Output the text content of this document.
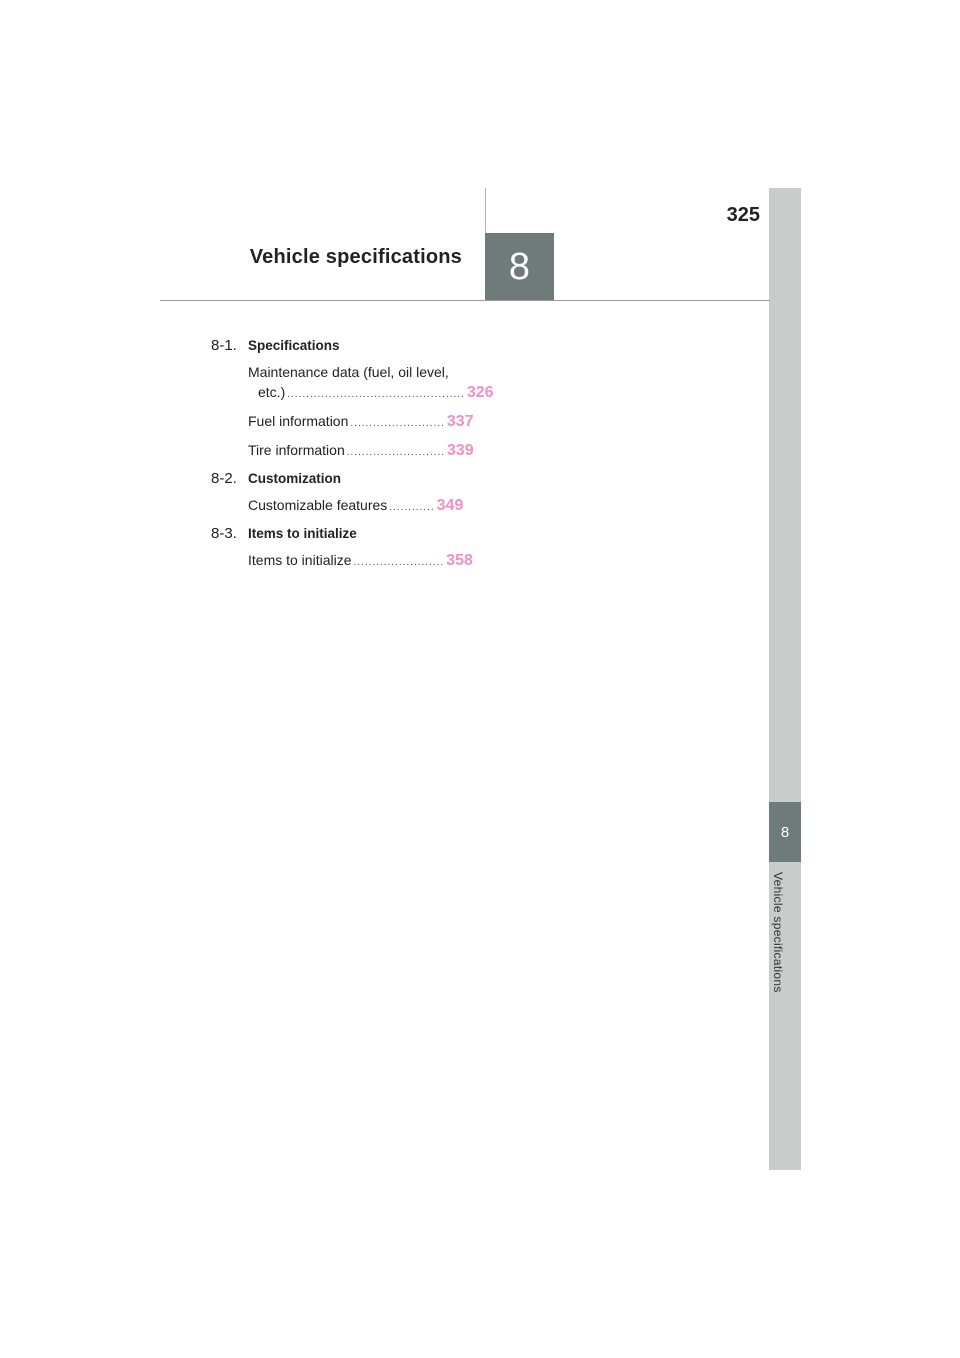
8
Vehicle specifications
325
8
Vehicle specifications
8-1. Specifications
Maintenance data (fuel, oil level,
etc.) ............................................... 326
Fuel information ......................... 337
Tire information .......................... 339
8-2. Customization
Customizable features ............ 349
8-3. Items to initialize
Items to initialize ........................ 358
